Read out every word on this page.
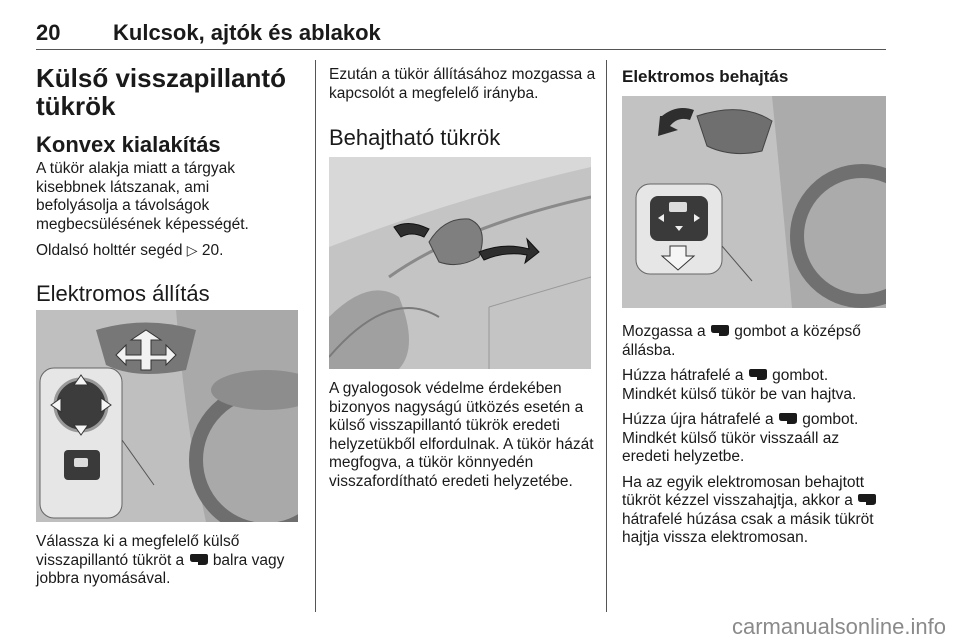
20 Kulcsok, ajtók és ablakok
Külső visszapillantó
tükrök
Konvex kialakítás

A tükör alakja miatt a tárgyak kisebbnek látszanak, ami befolyásolja a távolságok megbecsülésének képességét.

Oldalsó holttér segéd ▷ 20.

Elektromos állítás

Válassza ki a megfelelő külső visszapillantó tükröt a balra vagy jobbra nyomásával.

Ezután a tükör állításához mozgassa a kapcsolót a megfelelő irányba.

Behajtható tükrök

A gyalogosok védelme érdekében bizonyos nagyságú ütközés esetén a külső visszapillantó tükrök eredeti helyzetükből elfordulnak. A tükör házát megfogva, a tükör könnyedén visszafordítható eredeti helyzetébe.

Elektromos behajtás

Mozgassa a gombot a középső állásba.

Húzza hátrafelé a gombot. Mindkét külső tükör be van hajtva.

Húzza újra hátrafelé a gombot. Mindkét külső tükör visszaáll az eredeti helyzetbe.

Ha az egyik elektromosan behajtott tükröt kézzel visszahajtja, akkor a  hátrafelé húzása csak a másik tükröt hajtja vissza elektromosan.

carmanualsonline.info
